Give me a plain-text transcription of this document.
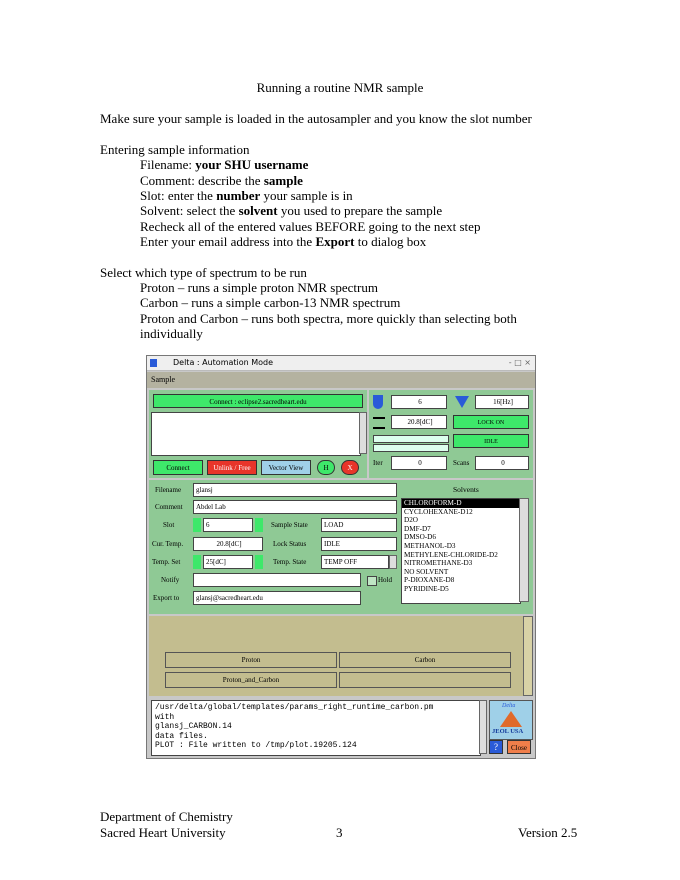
Running a routine NMR sample
Make sure your sample is loaded in the autosampler and you know the slot number
Entering sample information
Filename: your SHU username
Comment: describe the sample
Slot: enter the number your sample is in
Solvent: select the solvent you used to prepare the sample
Recheck all of the entered values BEFORE going to the next step
Enter your email address into the Export to dialog box
Select which type of spectrum to be run
Proton – runs a simple proton NMR spectrum
Carbon – runs a simple carbon-13 NMR spectrum
Proton and Carbon – runs both spectra, more quickly than selecting both
individually
Delta : Automation Mode	- □ ×
Sample
Connect : eclipse2.sacredheart.edu
Connect	Unlink / Free	Vector View	H	X
6	16[Hz]
20.8[dC]	LOCK ON
IDLE
Iter	0	Scans	0
Filename	glansj
Comment	Abdel Lab
Slot	6	Sample State	LOAD
Cur. Temp.	20.8[dC]	Lock Status	IDLE
Temp. Set	25[dC]	Temp. State	TEMP OFF
Notify	Hold
Export to	glansj@sacredheart.edu
Solvents
CHLOROFORM-D
CYCLOHEXANE-D12
D2O
DMF-D7
DMSO-D6
METHANOL-D3
METHYLENE-CHLORIDE-D2
NITROMETHANE-D3
NO SOLVENT
P-DIOXANE-D8
PYRIDINE-D5
Proton	Carbon
Proton_and_Carbon
/usr/delta/global/templates/params_right_runtime_carbon.pm
with
glansj_CARBON.14
data files.
PLOT : File written to /tmp/plot.19205.124
Delta
JEOL USA
?	Close
Department of Chemistry
Sacred Heart University	3	Version 2.5
